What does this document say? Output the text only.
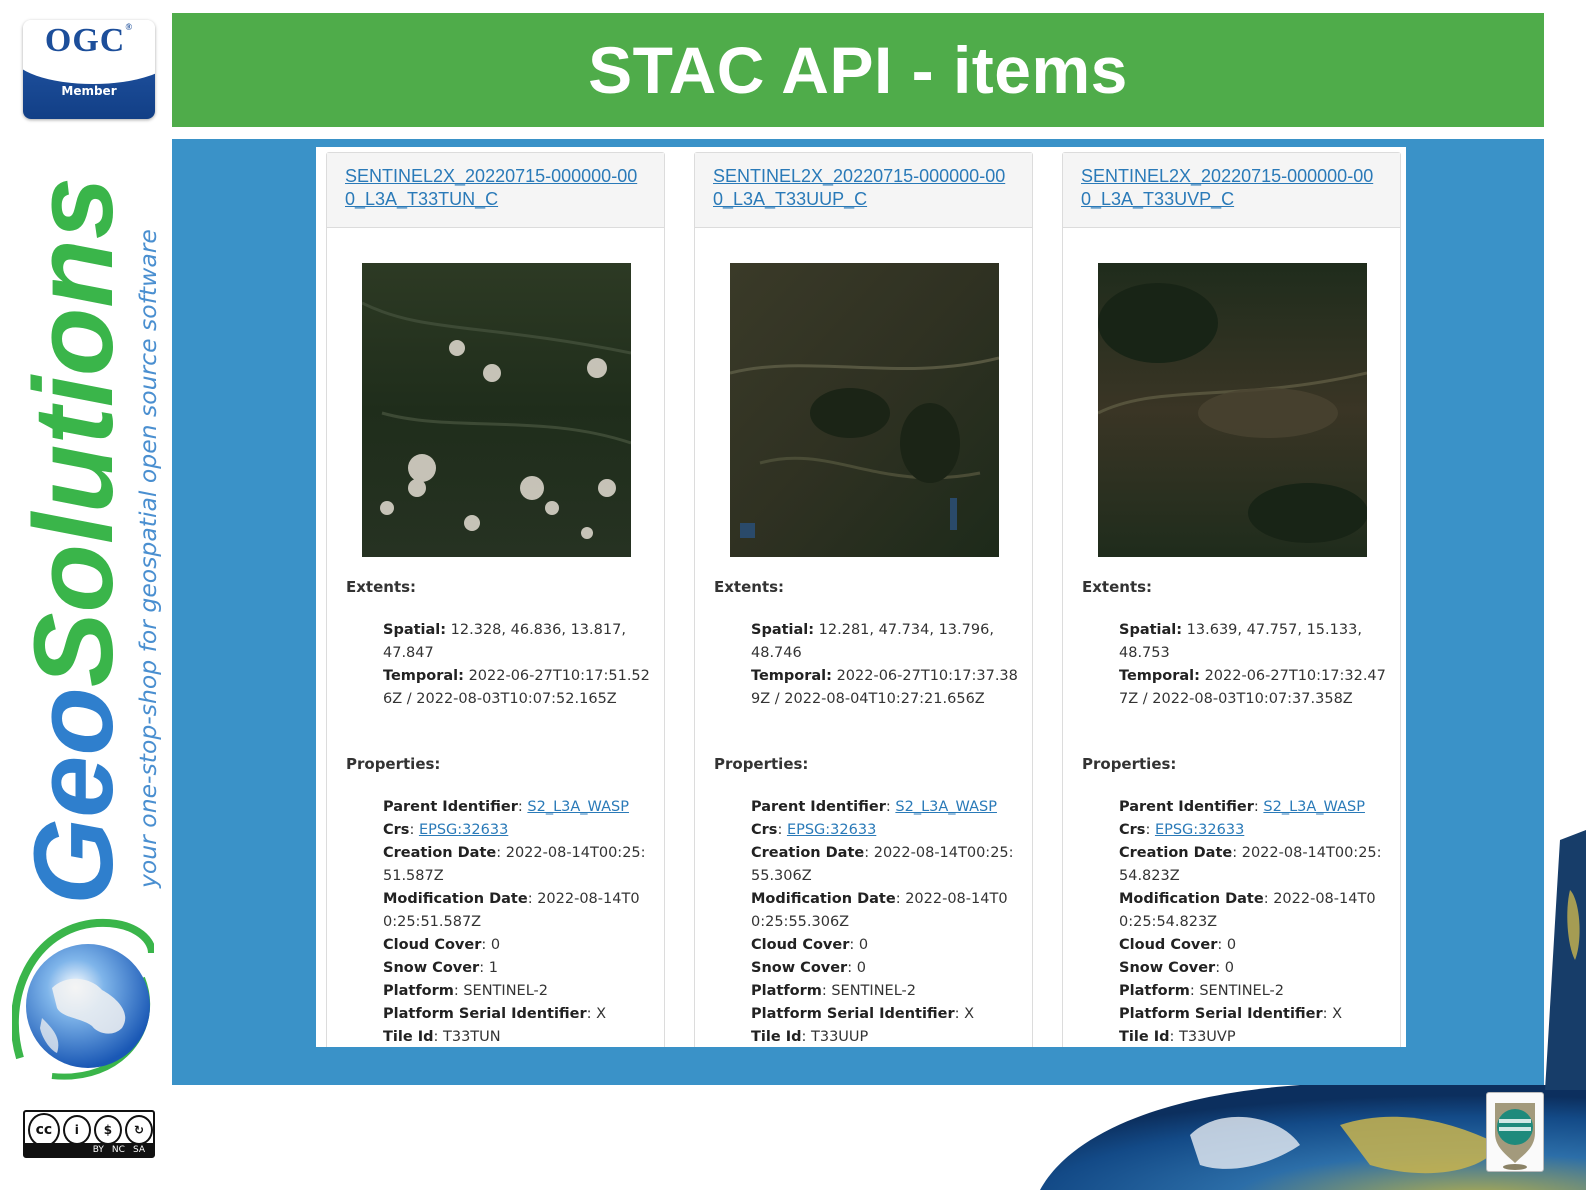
OGC®
Member
GeoSolutions
your one-stop-shop for geospatial open source software
cc	i	$	↻
BY NC SA
STAC API - items
SENTINEL2X_20220715-000000-000_L3A_T33TUN_C
Extents:

Spatial: 12.328, 46.836, 13.817, 47.847

Temporal: 2022-06-27T10:17:51.526Z / 2022-08-03T10:07:52.165Z

Properties:

Parent Identifier: S2_L3A_WASP

Crs: EPSG:32633

Creation Date: 2022-08-14T00:25:51.587Z

Modification Date: 2022-08-14T00:25:51.587Z

Cloud Cover: 0

Snow Cover: 1

Platform: SENTINEL-2

Platform Serial Identifier: X

Tile Id: T33TUN

SENTINEL2X_20220715-000000-000_L3A_T33UUP_C
Extents:

Spatial: 12.281, 47.734, 13.796, 48.746

Temporal: 2022-06-27T10:17:37.389Z / 2022-08-04T10:27:21.656Z

Properties:

Parent Identifier: S2_L3A_WASP

Crs: EPSG:32633

Creation Date: 2022-08-14T00:25:55.306Z

Modification Date: 2022-08-14T00:25:55.306Z

Cloud Cover: 0

Snow Cover: 0

Platform: SENTINEL-2

Platform Serial Identifier: X

Tile Id: T33UUP

SENTINEL2X_20220715-000000-000_L3A_T33UVP_C
Extents:

Spatial: 13.639, 47.757, 15.133, 48.753

Temporal: 2022-06-27T10:17:32.477Z / 2022-08-03T10:07:37.358Z

Properties:

Parent Identifier: S2_L3A_WASP

Crs: EPSG:32633

Creation Date: 2022-08-14T00:25:54.823Z

Modification Date: 2022-08-14T00:25:54.823Z

Cloud Cover: 0

Snow Cover: 0

Platform: SENTINEL-2

Platform Serial Identifier: X

Tile Id: T33UVP
